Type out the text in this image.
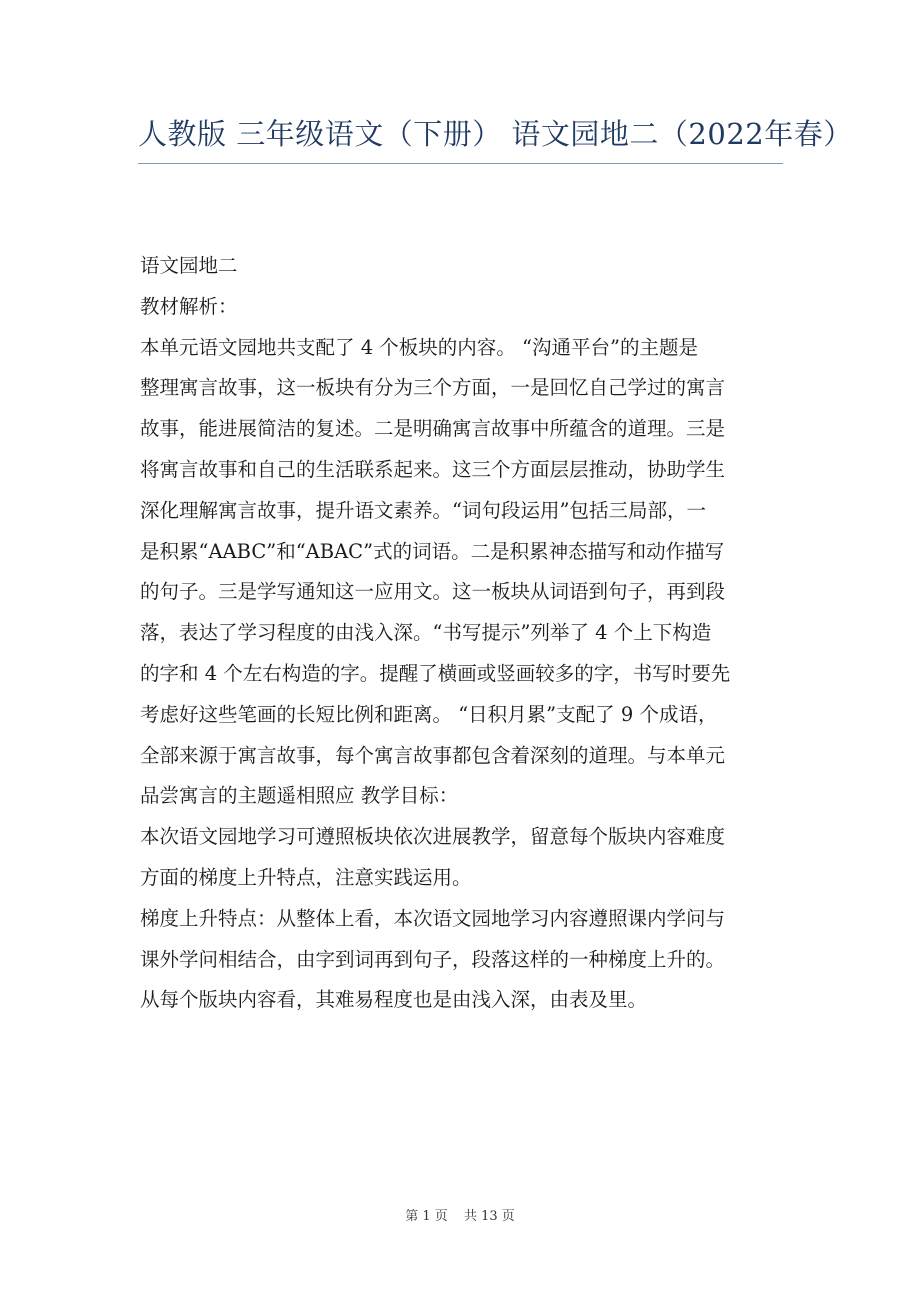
人教版 三年级语文（下册） 语文园地二（2022年春）
语文园地二
教材解析：
本单元语文园地共支配了 4 个板块的内容。 “沟通平台”的主题是
整理寓言故事，这一板块有分为三个方面，一是回忆自己学过的寓言
故事，能进展简洁的复述。二是明确寓言故事中所蕴含的道理。三是
将寓言故事和自己的生活联系起来。这三个方面层层推动，协助学生
深化理解寓言故事，提升语文素养。“词句段运用”包括三局部，一
是积累“AABC”和“ABAC”式的词语。二是积累神态描写和动作描写
的句子。三是学写通知这一应用文。这一板块从词语到句子，再到段
落，表达了学习程度的由浅入深。“书写提示”列举了 4 个上下构造
的字和 4 个左右构造的字。提醒了横画或竖画较多的字，书写时要先
考虑好这些笔画的长短比例和距离。 “日积月累”支配了 9 个成语，
全部来源于寓言故事，每个寓言故事都包含着深刻的道理。与本单元
品尝寓言的主题遥相照应 教学目标：
本次语文园地学习可遵照板块依次进展教学，留意每个版块内容难度
方面的梯度上升特点，注意实践运用。
梯度上升特点：从整体上看，本次语文园地学习内容遵照课内学问与
课外学问相结合，由字到词再到句子，段落这样的一种梯度上升的。
从每个版块内容看，其难易程度也是由浅入深，由表及里。
第 1 页 共 13 页
